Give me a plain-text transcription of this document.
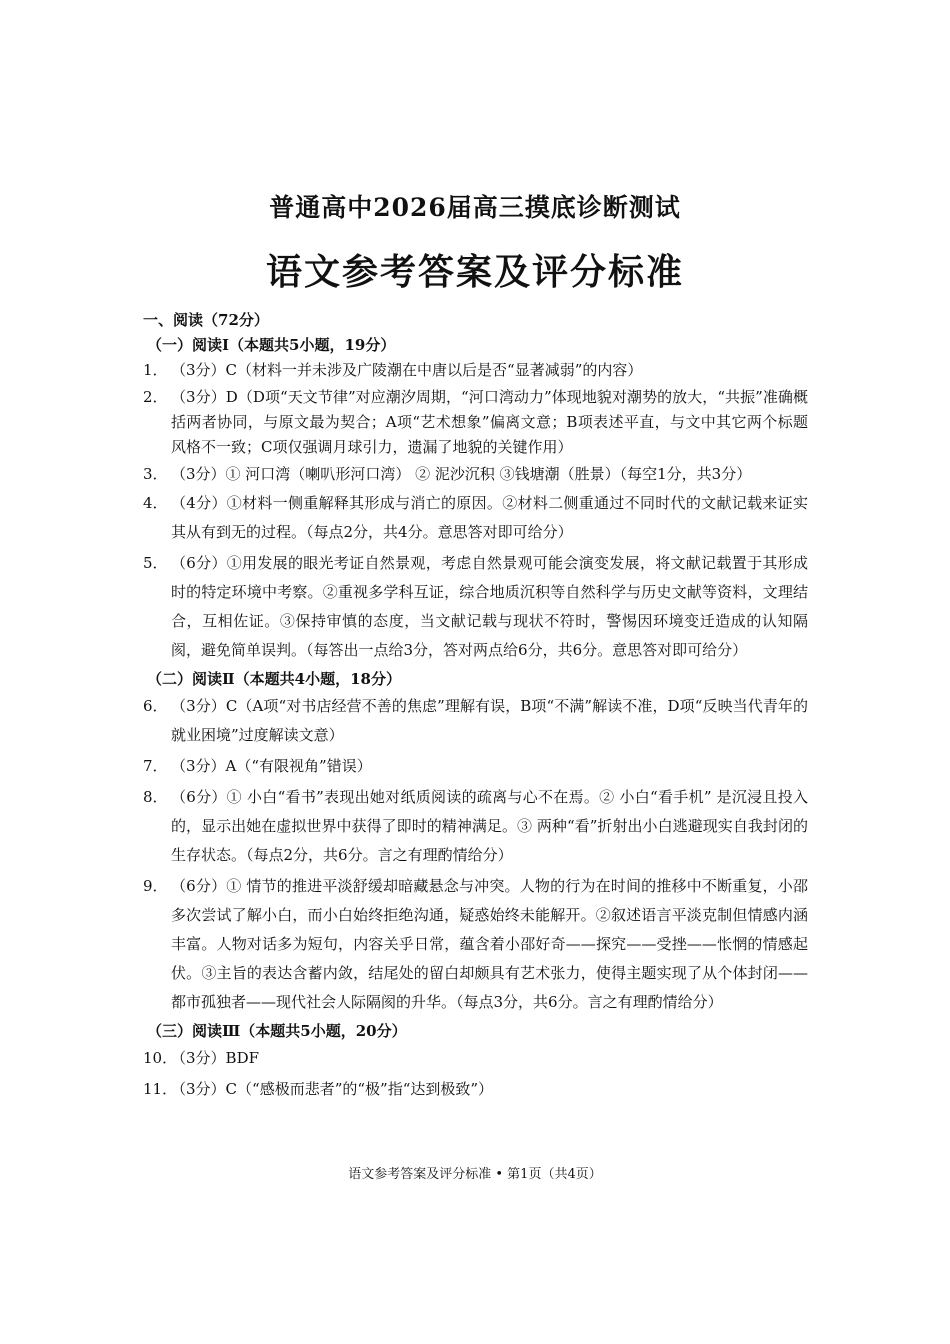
普通高中2026届高三摸底诊断测试
语文参考答案及评分标准
一、阅读（72分）
（一）阅读Ⅰ（本题共5小题，19分）
1． （3分）C（材料一并未涉及广陵潮在中唐以后是否“显著减弱”的内容）
2． （3分）D（D项“天文节律”对应潮汐周期，“河口湾动力”体现地貌对潮势的放大，“共振”准确概括两者协同，与原文最为契合；A项“艺术想象”偏离文意；B项表述平直，与文中其它两个标题风格不一致；C项仅强调月球引力，遗漏了地貌的关键作用）
3． （3分）① 河口湾（喇叭形河口湾） ② 泥沙沉积 ③钱塘潮（胜景）（每空1分，共3分）
4． （4分）①材料一侧重解释其形成与消亡的原因。②材料二侧重通过不同时代的文献记载来证实其从有到无的过程。（每点2分，共4分。意思答对即可给分）
5． （6分）①用发展的眼光考证自然景观，考虑自然景观可能会演变发展，将文献记载置于其形成时的特定环境中考察。②重视多学科互证，综合地质沉积等自然科学与历史文献等资料，文理结合，互相佐证。③保持审慎的态度，当文献记载与现状不符时，警惕因环境变迁造成的认知隔阂，避免简单误判。（每答出一点给3分，答对两点给6分，共6分。意思答对即可给分）
（二）阅读Ⅱ（本题共4小题，18分）
6． （3分）C（A项“对书店经营不善的焦虑”理解有误，B项“不满”解读不准，D项“反映当代青年的就业困境”过度解读文意）
7． （3分）A（“有限视角”错误）
8． （6分）① 小白“看书”表现出她对纸质阅读的疏离与心不在焉。② 小白“看手机” 是沉浸且投入的，显示出她在虚拟世界中获得了即时的精神满足。③ 两种“看”折射出小白逃避现实自我封闭的生存状态。（每点2分，共6分。言之有理酌情给分）
9． （6分）① 情节的推进平淡舒缓却暗藏悬念与冲突。人物的行为在时间的推移中不断重复，小邵多次尝试了解小白，而小白始终拒绝沟通，疑惑始终未能解开。②叙述语言平淡克制但情感内涵丰富。人物对话多为短句，内容关乎日常，蕴含着小邵好奇——探究——受挫——怅惘的情感起伏。③主旨的表达含蓄内敛，结尾处的留白却颇具有艺术张力，使得主题实现了从个体封闭——都市孤独者——现代社会人际隔阂的升华。（每点3分，共6分。言之有理酌情给分）
（三）阅读Ⅲ（本题共5小题，20分）
10．
（3分）BDF
11．
（3分）C（“感极而悲者”的“极”指“达到极致”）
语文参考答案及评分标准 • 第1页（共4页）
